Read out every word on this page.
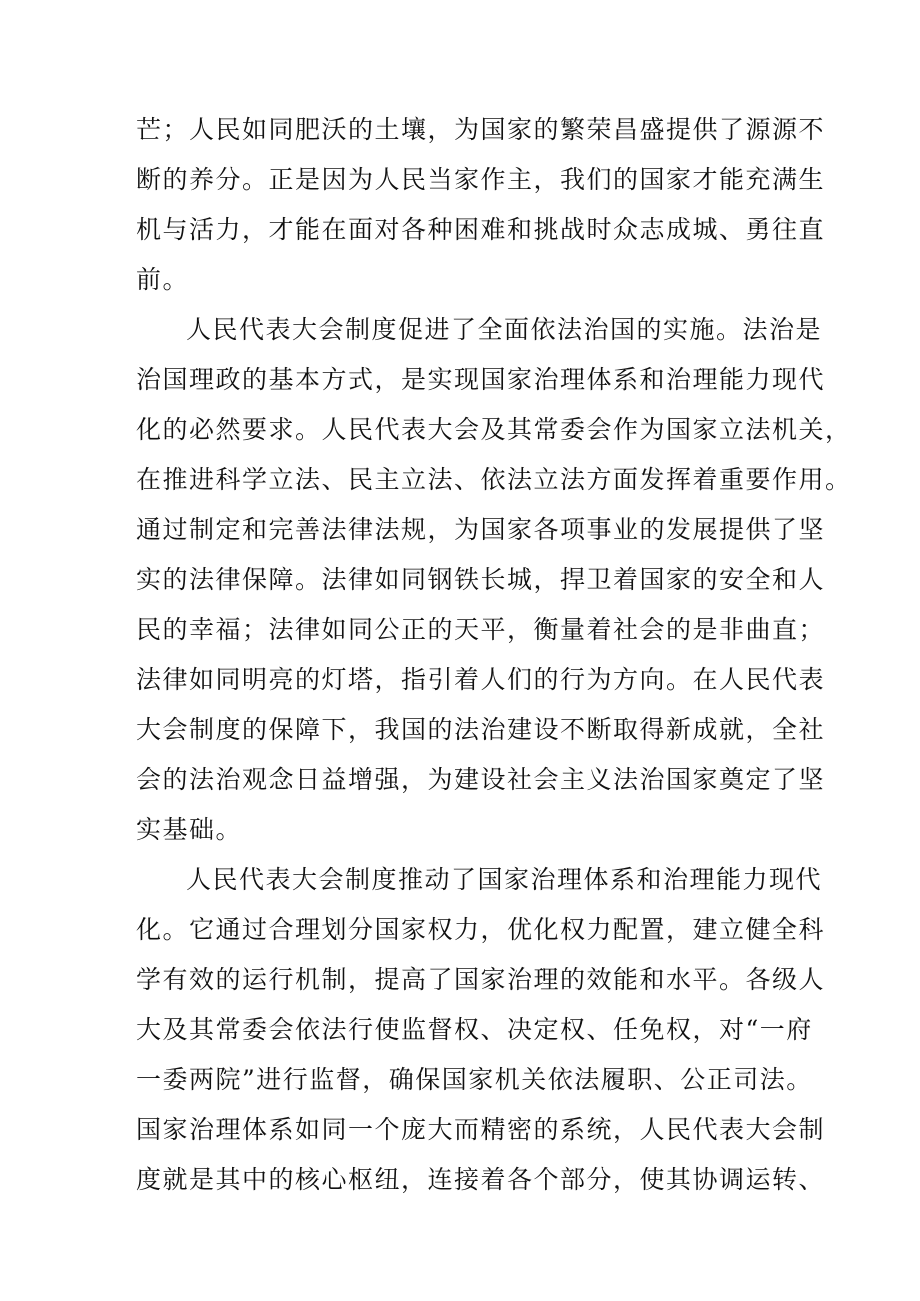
芒；人民如同肥沃的土壤，为国家的繁荣昌盛提供了源源不
断的养分。正是因为人民当家作主，我们的国家才能充满生
机与活力，才能在面对各种困难和挑战时众志成城、勇往直
前。
人民代表大会制度促进了全面依法治国的实施。法治是
治国理政的基本方式，是实现国家治理体系和治理能力现代
化的必然要求。人民代表大会及其常委会作为国家立法机关，
在推进科学立法、民主立法、依法立法方面发挥着重要作用。
通过制定和完善法律法规，为国家各项事业的发展提供了坚
实的法律保障。法律如同钢铁长城，捍卫着国家的安全和人
民的幸福；法律如同公正的天平，衡量着社会的是非曲直；
法律如同明亮的灯塔，指引着人们的行为方向。在人民代表
大会制度的保障下，我国的法治建设不断取得新成就，全社
会的法治观念日益增强，为建设社会主义法治国家奠定了坚
实基础。
人民代表大会制度推动了国家治理体系和治理能力现代
化。它通过合理划分国家权力，优化权力配置，建立健全科
学有效的运行机制，提高了国家治理的效能和水平。各级人
大及其常委会依法行使监督权、决定权、任免权，对“一府
一委两院”进行监督，确保国家机关依法履职、公正司法。
国家治理体系如同一个庞大而精密的系统，人民代表大会制
度就是其中的核心枢纽，连接着各个部分，使其协调运转、
